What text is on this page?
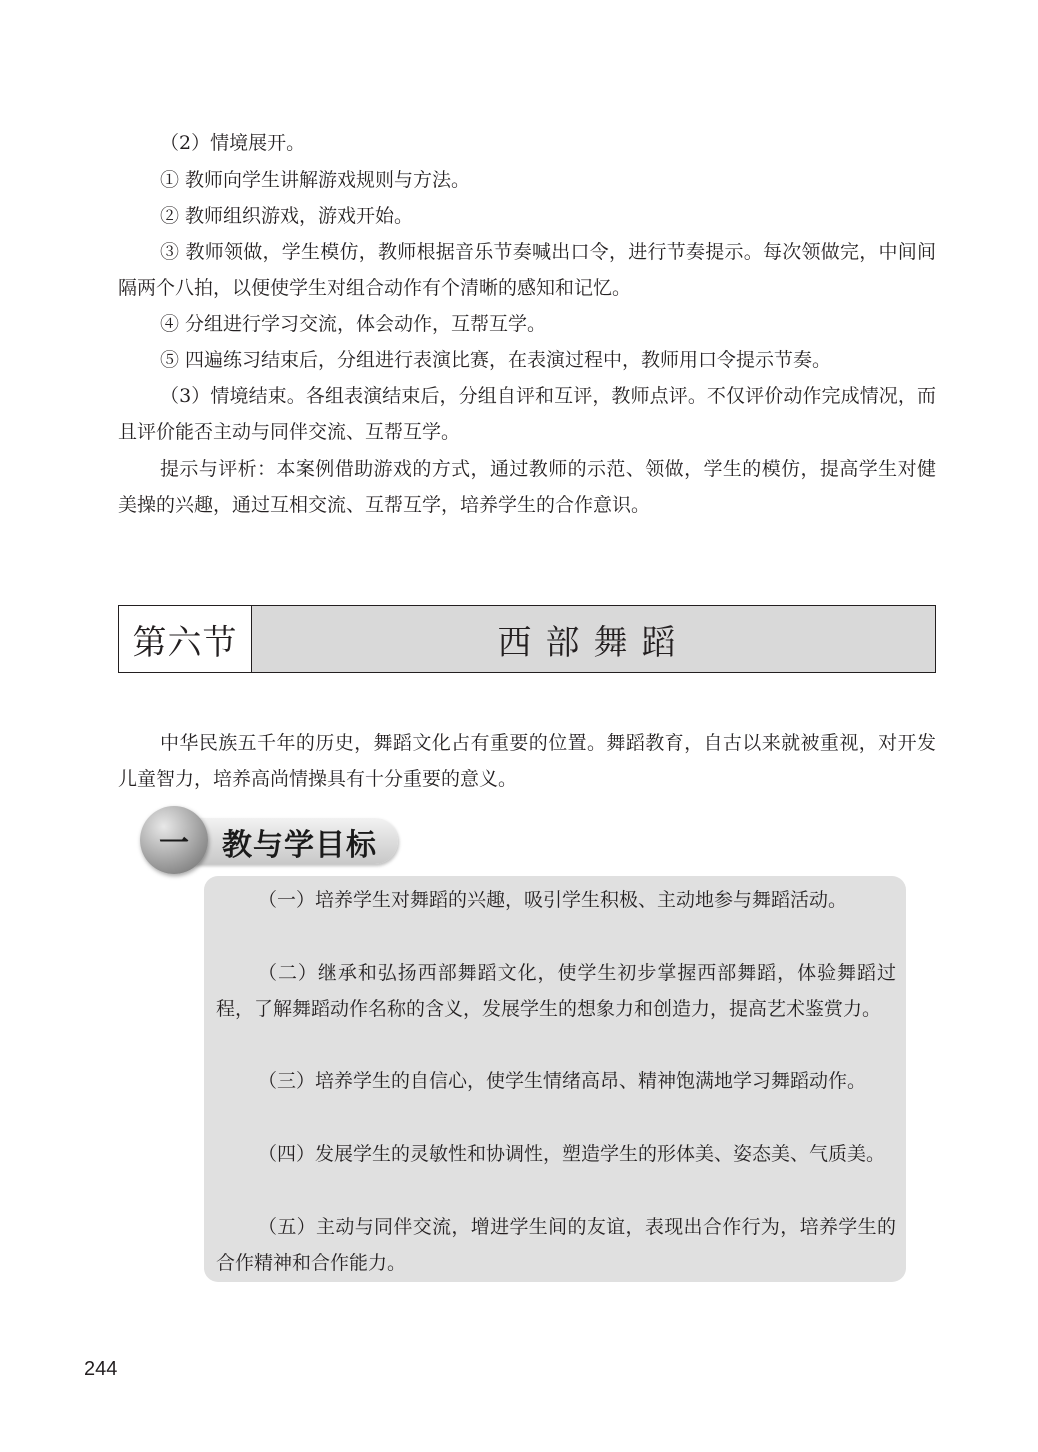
（2）情境展开。

① 教师向学生讲解游戏规则与方法。

② 教师组织游戏，游戏开始。

③ 教师领做，学生模仿，教师根据音乐节奏喊出口令，进行节奏提示。每次领做完，中间间隔两个八拍，以便使学生对组合动作有个清晰的感知和记忆。

④ 分组进行学习交流，体会动作，互帮互学。

⑤ 四遍练习结束后，分组进行表演比赛，在表演过程中，教师用口令提示节奏。

（3）情境结束。各组表演结束后，分组自评和互评，教师点评。不仅评价动作完成情况，而且评价能否主动与同伴交流、互帮互学。

提示与评析：本案例借助游戏的方式，通过教师的示范、领做，学生的模仿，提高学生对健美操的兴趣，通过互相交流、互帮互学，培养学生的合作意识。

第六节	西部舞蹈

中华民族五千年的历史，舞蹈文化占有重要的位置。舞蹈教育，自古以来就被重视，对开发儿童智力，培养高尚情操具有十分重要的意义。

一	教与学目标

（一）培养学生对舞蹈的兴趣，吸引学生积极、主动地参与舞蹈活动。

（二）继承和弘扬西部舞蹈文化，使学生初步掌握西部舞蹈，体验舞蹈过程，了解舞蹈动作名称的含义，发展学生的想象力和创造力，提高艺术鉴赏力。

（三）培养学生的自信心，使学生情绪高昂、精神饱满地学习舞蹈动作。

（四）发展学生的灵敏性和协调性，塑造学生的形体美、姿态美、气质美。

（五）主动与同伴交流，增进学生间的友谊，表现出合作行为，培养学生的合作精神和合作能力。

244
